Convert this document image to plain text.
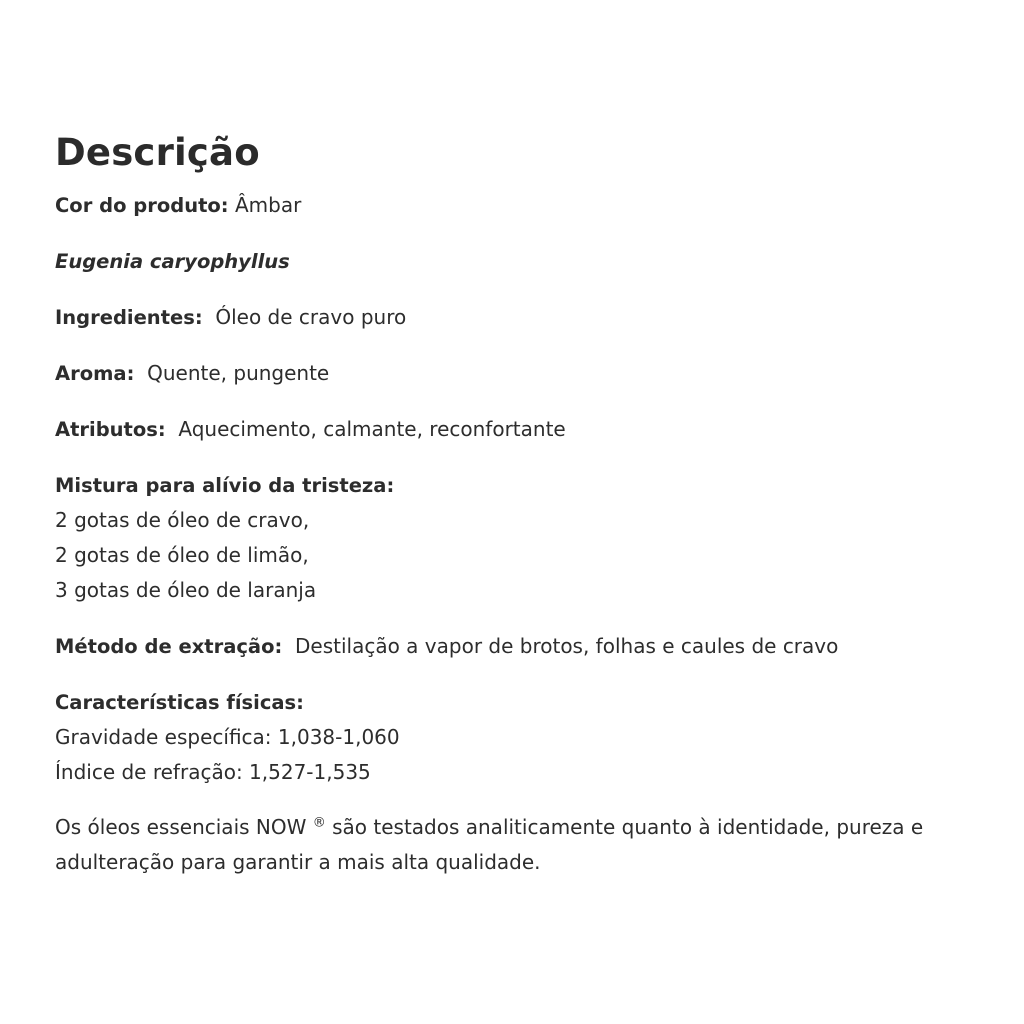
Descrição

Cor do produto: Âmbar

Eugenia caryophyllus

Ingredientes: Óleo de cravo puro

Aroma: Quente, pungente

Atributos: Aquecimento, calmante, reconfortante

Mistura para alívio da tristeza:

2 gotas de óleo de cravo,

2 gotas de óleo de limão,

3 gotas de óleo de laranja

Método de extração: Destilação a vapor de brotos, folhas e caules de cravo

Características físicas:

Gravidade específica: 1,038-1,060

Índice de refração: 1,527-1,535

Os óleos essenciais NOW ® são testados analiticamente quanto à identidade, pureza e adulteração para garantir a mais alta qualidade.
